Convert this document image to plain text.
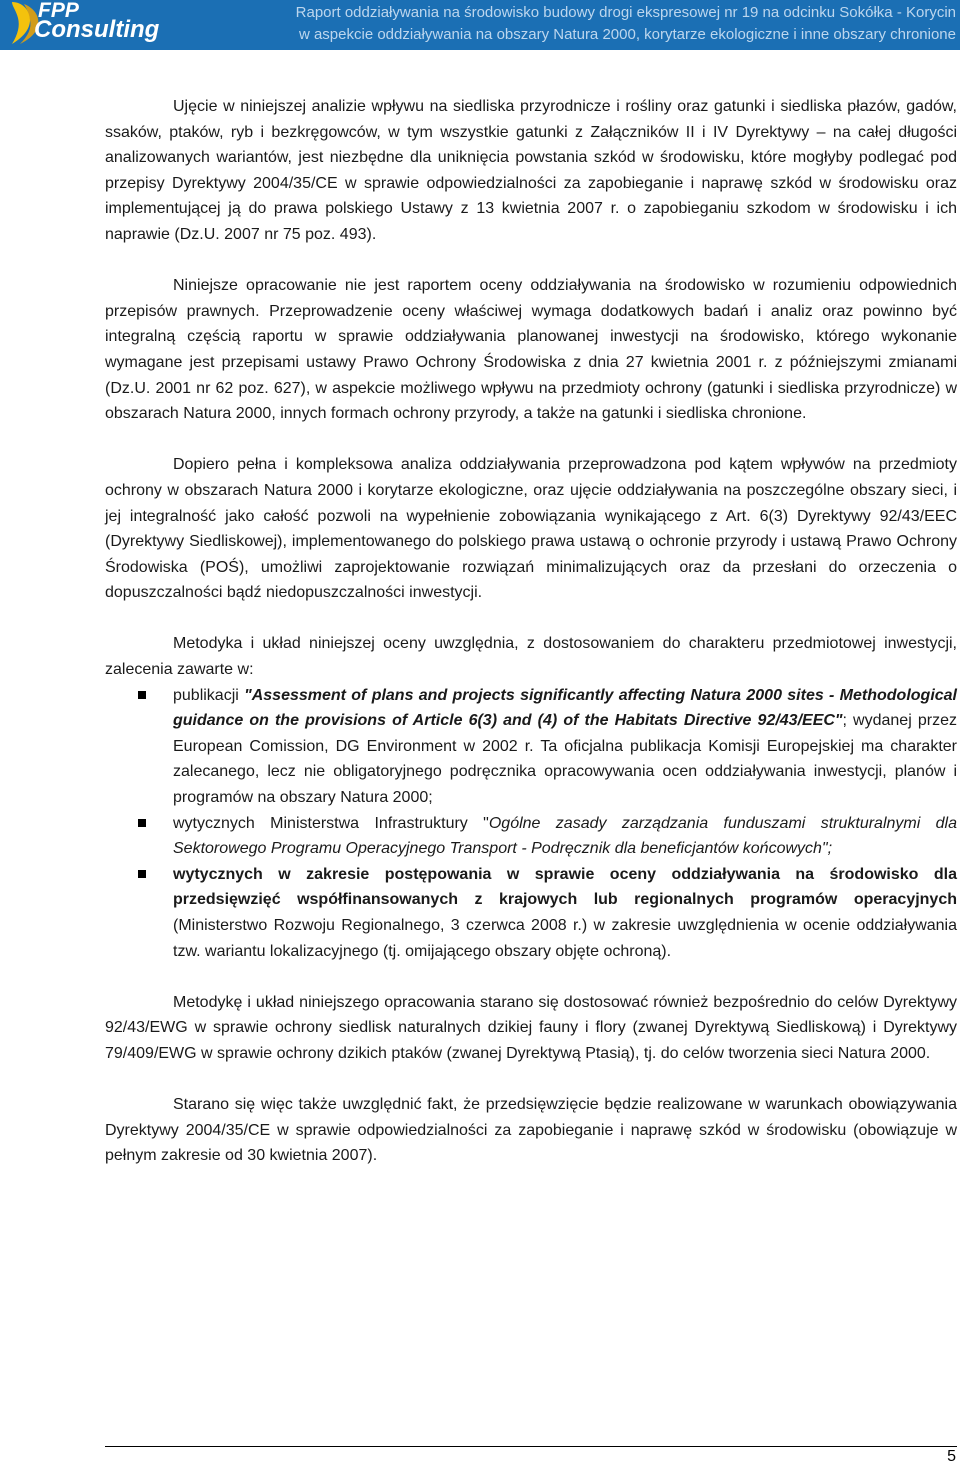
FPP
Consulting
Raport oddziaływania na środowisko budowy drogi ekspresowej nr 19 na odcinku Sokółka - Korycin
w aspekcie oddziaływania na obszary Natura 2000, korytarze ekologiczne i inne obszary chronione

Ujęcie w niniejszej analizie wpływu na siedliska przyrodnicze i rośliny oraz gatunki i siedliska płazów, gadów, ssaków, ptaków, ryb i bezkręgowców, w tym wszystkie gatunki z Załączników II i IV Dyrektywy – na całej długości analizowanych wariantów, jest niezbędne dla uniknięcia powstania szkód w środowisku, które mogłyby podlegać pod przepisy Dyrektywy 2004/35/CE w sprawie odpowiedzialności za zapobieganie i naprawę szkód w środowisku oraz implementującej ją do prawa polskiego Ustawy z 13 kwietnia 2007 r. o zapobieganiu szkodom w środowisku i ich naprawie (Dz.U. 2007 nr 75 poz. 493).

Niniejsze opracowanie nie jest raportem oceny oddziaływania na środowisko w rozumieniu odpowiednich przepisów prawnych. Przeprowadzenie oceny właściwej wymaga dodatkowych badań i analiz oraz powinno być integralną częścią raportu w sprawie oddziaływania planowanej inwestycji na środowisko, którego wykonanie wymagane jest przepisami ustawy Prawo Ochrony Środowiska z dnia 27 kwietnia 2001 r. z późniejszymi zmianami (Dz.U. 2001 nr 62 poz. 627), w aspekcie możliwego wpływu na przedmioty ochrony (gatunki i siedliska przyrodnicze) w obszarach Natura 2000, innych formach ochrony przyrody, a także na gatunki i siedliska chronione.

Dopiero pełna i kompleksowa analiza oddziaływania przeprowadzona pod kątem wpływów na przedmioty ochrony w obszarach Natura 2000 i korytarze ekologiczne, oraz ujęcie oddziaływania na poszczególne obszary sieci, i jej integralność jako całość pozwoli na wypełnienie zobowiązania wynikającego z Art. 6(3) Dyrektywy 92/43/EEC (Dyrektywy Siedliskowej), implementowanego do polskiego prawa ustawą o ochronie przyrody i ustawą Prawo Ochrony Środowiska (POŚ), umożliwi zaprojektowanie rozwiązań minimalizujących oraz da przesłani do orzeczenia o dopuszczalności bądź niedopuszczalności inwestycji.

Metodyka i układ niniejszej oceny uwzględnia, z dostosowaniem do charakteru przedmiotowej inwestycji, zalecenia zawarte w:

publikacji "Assessment of plans and projects significantly affecting Natura 2000 sites - Methodological guidance on the provisions of Article 6(3) and (4) of the Habitats Directive 92/43/EEC"; wydanej przez European Comission, DG Environment w 2002 r. Ta oficjalna publikacja Komisji Europejskiej ma charakter zalecanego, lecz nie obligatoryjnego podręcznika opracowywania ocen oddziaływania inwestycji, planów i programów na obszary Natura 2000;
wytycznych Ministerstwa Infrastruktury "Ogólne zasady zarządzania funduszami strukturalnymi dla Sektorowego Programu Operacyjnego Transport - Podręcznik dla beneficjantów końcowych";
wytycznych w zakresie postępowania w sprawie oceny oddziaływania na środowisko dla przedsięwzięć współfinansowanych z krajowych lub regionalnych programów operacyjnych (Ministerstwo Rozwoju Regionalnego, 3 czerwca 2008 r.) w zakresie uwzględnienia w ocenie oddziaływania tzw. wariantu lokalizacyjnego (tj. omijającego obszary objęte ochroną).

Metodykę i układ niniejszego opracowania starano się dostosować również bezpośrednio do celów Dyrektywy 92/43/EWG w sprawie ochrony siedlisk naturalnych dzikiej fauny i flory (zwanej Dyrektywą Siedliskową) i Dyrektywy 79/409/EWG w sprawie ochrony dzikich ptaków (zwanej Dyrektywą Ptasią), tj. do celów tworzenia sieci Natura 2000.

Starano się więc także uwzględnić fakt, że przedsięwzięcie będzie realizowane w warunkach obowiązywania Dyrektywy 2004/35/CE w sprawie odpowiedzialności za zapobieganie i naprawę szkód w środowisku (obowiązuje w pełnym zakresie od 30 kwietnia 2007).

5
